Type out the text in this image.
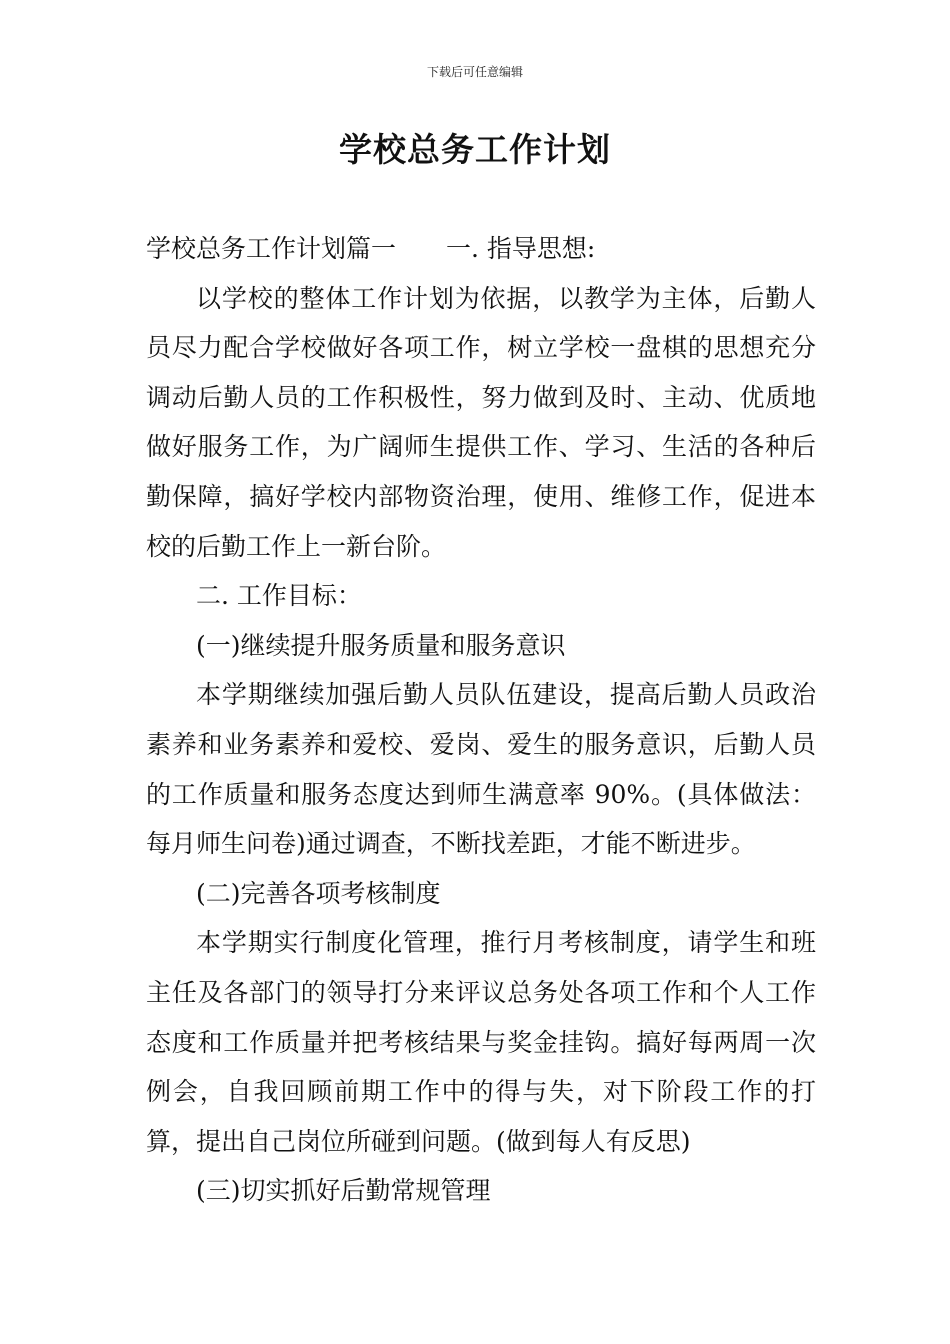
下载后可任意编辑
学校总务工作计划

学校总务工作计划篇一 一. 指导思想:

以学校的整体工作计划为依据，以教学为主体，后勤人员尽力配合学校做好各项工作，树立学校一盘棋的思想充分调动后勤人员的工作积极性，努力做到及时、主动、优质地做好服务工作，为广阔师生提供工作、学习、生活的各种后勤保障，搞好学校内部物资治理，使用、维修工作，促进本校的后勤工作上一新台阶。

二. 工作目标：

(一)继续提升服务质量和服务意识

本学期继续加强后勤人员队伍建设，提高后勤人员政治素养和业务素养和爱校、爱岗、爱生的服务意识，后勤人员的工作质量和服务态度达到师生满意率 90%。(具体做法：每月师生问卷)通过调查，不断找差距，才能不断进步。

(二)完善各项考核制度

本学期实行制度化管理，推行月考核制度，请学生和班主任及各部门的领导打分来评议总务处各项工作和个人工作态度和工作质量并把考核结果与奖金挂钩。搞好每两周一次例会，自我回顾前期工作中的得与失，对下阶段工作的打算，提出自己岗位所碰到问题。(做到每人有反思)

(三)切实抓好后勤常规管理
